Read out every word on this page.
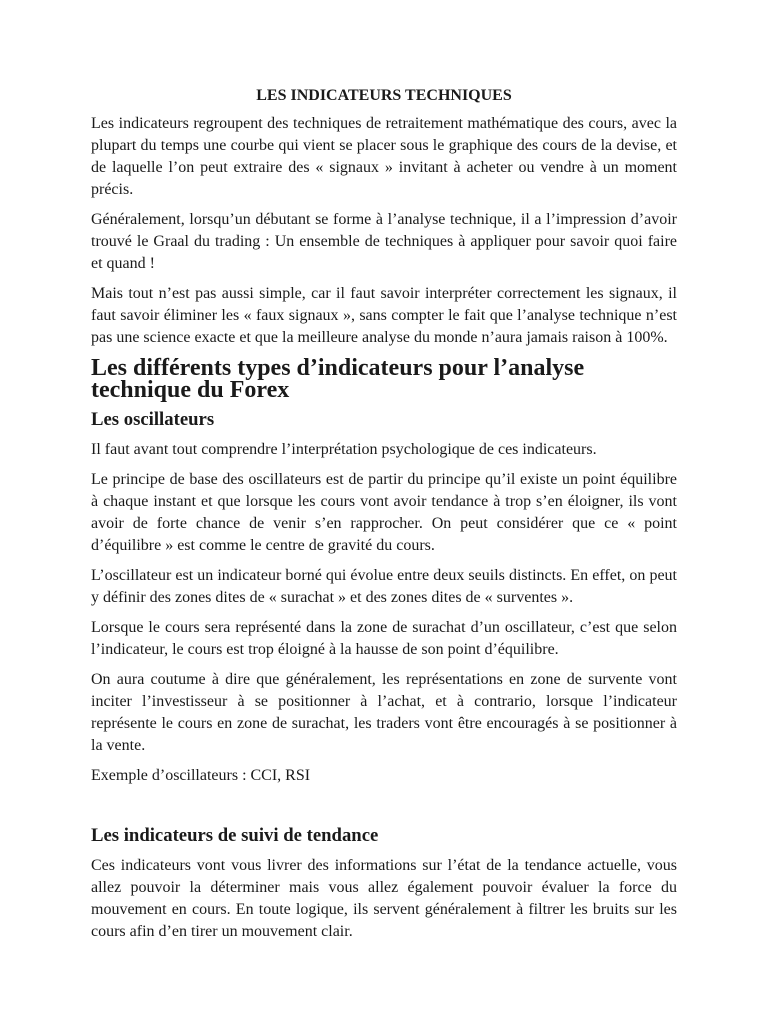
LES INDICATEURS TECHNIQUES

Les indicateurs regroupent des techniques de retraitement mathématique des cours, avec la plupart du temps une courbe qui vient se placer sous le graphique des cours de la devise, et de laquelle l’on peut extraire des « signaux » invitant à acheter ou vendre à un moment précis.

Généralement, lorsqu’un débutant se forme à l’analyse technique, il a l’impression d’avoir trouvé le Graal du trading : Un ensemble de techniques à appliquer pour savoir quoi faire et quand !

Mais tout n’est pas aussi simple, car il faut savoir interpréter correctement les signaux, il faut savoir éliminer les « faux signaux », sans compter le fait que l’analyse technique n’est pas une science exacte et que la meilleure analyse du monde n’aura jamais raison à 100%.

Les différents types d’indicateurs pour l’analyse technique du Forex
Les oscillateurs

Il faut avant tout comprendre l’interprétation psychologique de ces indicateurs.

Le principe de base des oscillateurs est de partir du principe qu’il existe un point équilibre à chaque instant et que lorsque les cours vont avoir tendance à trop s’en éloigner, ils vont avoir de forte chance de venir s’en rapprocher. On peut considérer que ce « point d’équilibre » est comme le centre de gravité du cours.

L’oscillateur est un indicateur borné qui évolue entre deux seuils distincts. En effet, on peut y définir des zones dites de « surachat » et des zones dites de « surventes ».

Lorsque le cours sera représenté dans la zone de surachat d’un oscillateur, c’est que selon l’indicateur, le cours est trop éloigné à la hausse de son point d’équilibre.

On aura coutume à dire que généralement, les représentations en zone de survente vont inciter l’investisseur à se positionner à l’achat, et à contrario, lorsque l’indicateur représente le cours en zone de surachat, les traders vont être encouragés à se positionner à la vente.

Exemple d’oscillateurs : CCI, RSI

Les indicateurs de suivi de tendance

Ces indicateurs vont vous livrer des informations sur l’état de la tendance actuelle, vous allez pouvoir la déterminer mais vous allez également pouvoir évaluer la force du mouvement en cours. En toute logique, ils servent généralement à filtrer les bruits sur les cours afin d’en tirer un mouvement clair.
